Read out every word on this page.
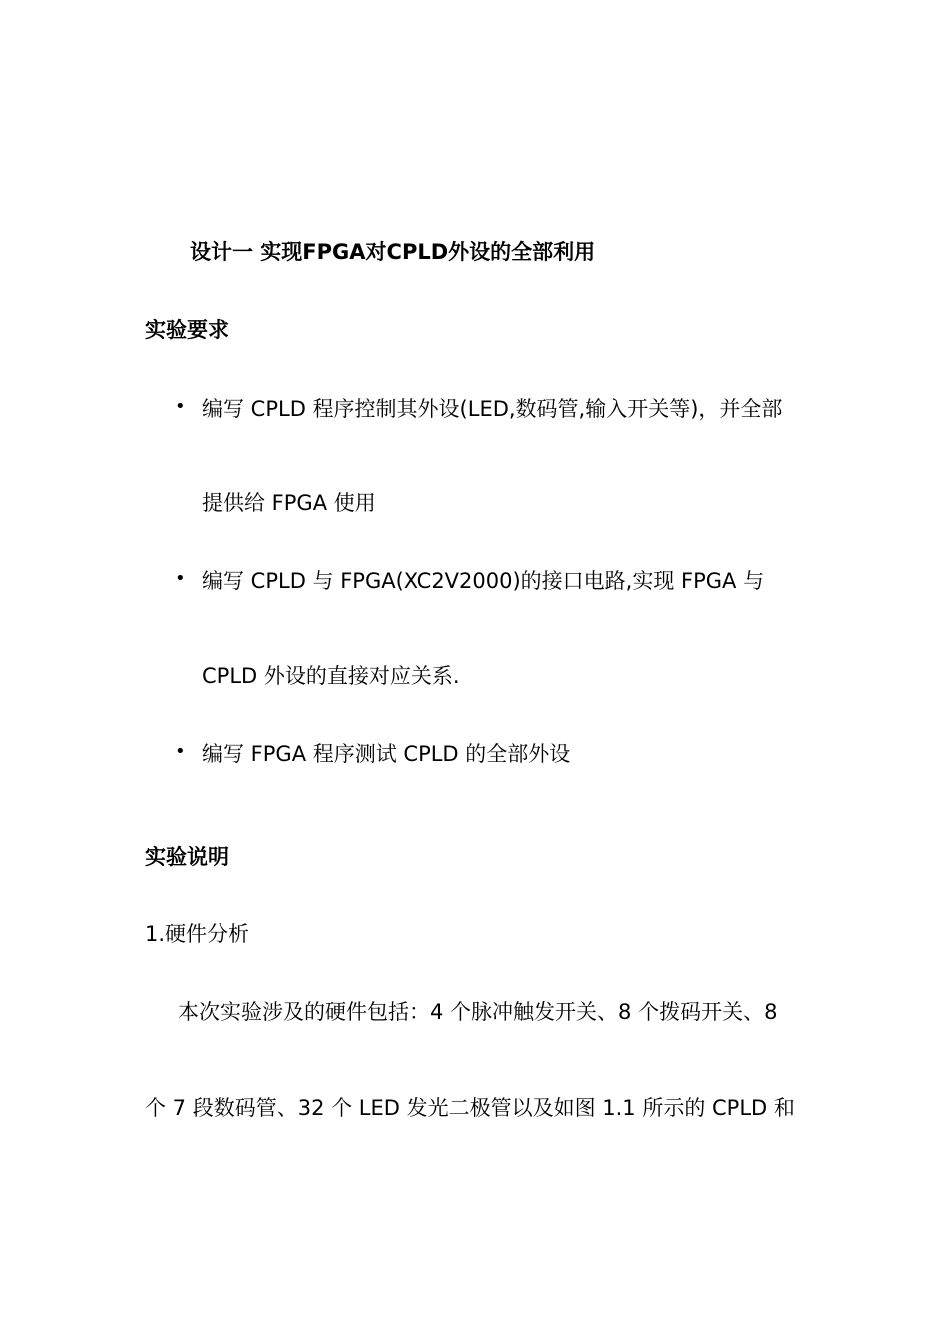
设计一 实现FPGA对CPLD外设的全部利用
实验要求
• 编写 CPLD 程序控制其外设(LED,数码管,输入开关等)，并全部
提供给 FPGA 使用
• 编写 CPLD 与 FPGA(XC2V2000)的接口电路,实现 FPGA 与
CPLD 外设的直接对应关系.
• 编写 FPGA 程序测试 CPLD 的全部外设
实验说明
1.硬件分析
本次实验涉及的硬件包括：4 个脉冲触发开关、8 个拨码开关、8
个 7 段数码管、32 个 LED 发光二极管以及如图 1.1 所示的 CPLD 和
